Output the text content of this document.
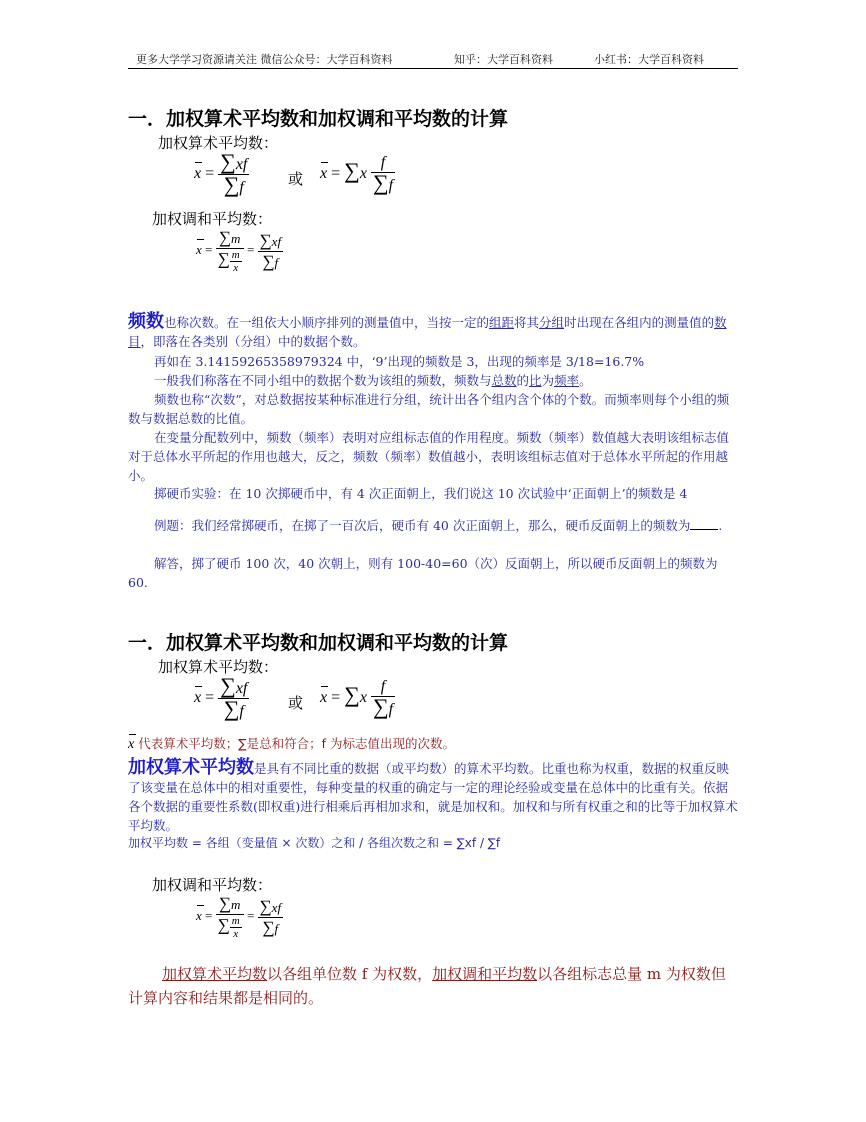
更多大学学习资源请关注 微信公众号：大学百科资料	知乎：大学百科资料	小红书：大学百科资料
一．加权算术平均数和加权调和平均数的计算
加权算术平均数：
$x = \frac{\sum xf}{\sum f}$	或 $x = \sum x \frac{f}{\sum f}$
加权调和平均数：
$x = \frac{\sum m}{\sum \frac{m}{x}} = \frac{\sum xf}{\sum f}$
频数也称次数。在一组依大小顺序排列的测量值中，当按一定的组距将其分组时出现在各组内的测量值的数目，即落在各类别（分组）中的数据个数。
再如在 3.14159265358979324 中，‘9’出现的频数是 3，出现的频率是 3/18=16.7%
一般我们称落在不同小组中的数据个数为该组的频数，频数与总数的比为频率。
频数也称“次数”，对总数据按某种标准进行分组，统计出各个组内含个体的个数。而频率则每个小组的频数与数据总数的比值。
在变量分配数列中，频数（频率）表明对应组标志值的作用程度。频数（频率）数值越大表明该组标志值对于总体水平所起的作用也越大，反之，频数（频率）数值越小，表明该组标志值对于总体水平所起的作用越小。
掷硬币实验：在 10 次掷硬币中，有 4 次正面朝上，我们说这 10 次试验中‘正面朝上’的频数是 4
例题：我们经常掷硬币，在掷了一百次后，硬币有 40 次正面朝上，那么，硬币反面朝上的频数为 .
解答，掷了硬币 100 次，40 次朝上，则有 100-40=60（次）反面朝上，所以硬币反面朝上的频数为 60.
一．加权算术平均数和加权调和平均数的计算
加权算术平均数：
$x = \frac{\sum xf}{\sum f}$	或 $x = \sum x \frac{f}{\sum f}$
x 代表算术平均数；∑是总和符合；f 为标志值出现的次数。
加权算术平均数是具有不同比重的数据（或平均数）的算术平均数。比重也称为权重，数据的权重反映了该变量在总体中的相对重要性，每种变量的权重的确定与一定的理论经验或变量在总体中的比重有关。依据各个数据的重要性系数(即权重)进行相乘后再相加求和，就是加权和。加权和与所有权重之和的比等于加权算术平均数。
加权平均数 = 各组（变量值 × 次数）之和 / 各组次数之和 = ∑xf / ∑f
加权调和平均数：
$x = \frac{\sum m}{\sum \frac{m}{x}} = \frac{\sum xf}{\sum f}$
加权算术平均数以各组单位数 f 为权数，加权调和平均数以各组标志总量 m 为权数但计算内容和结果都是相同的。
